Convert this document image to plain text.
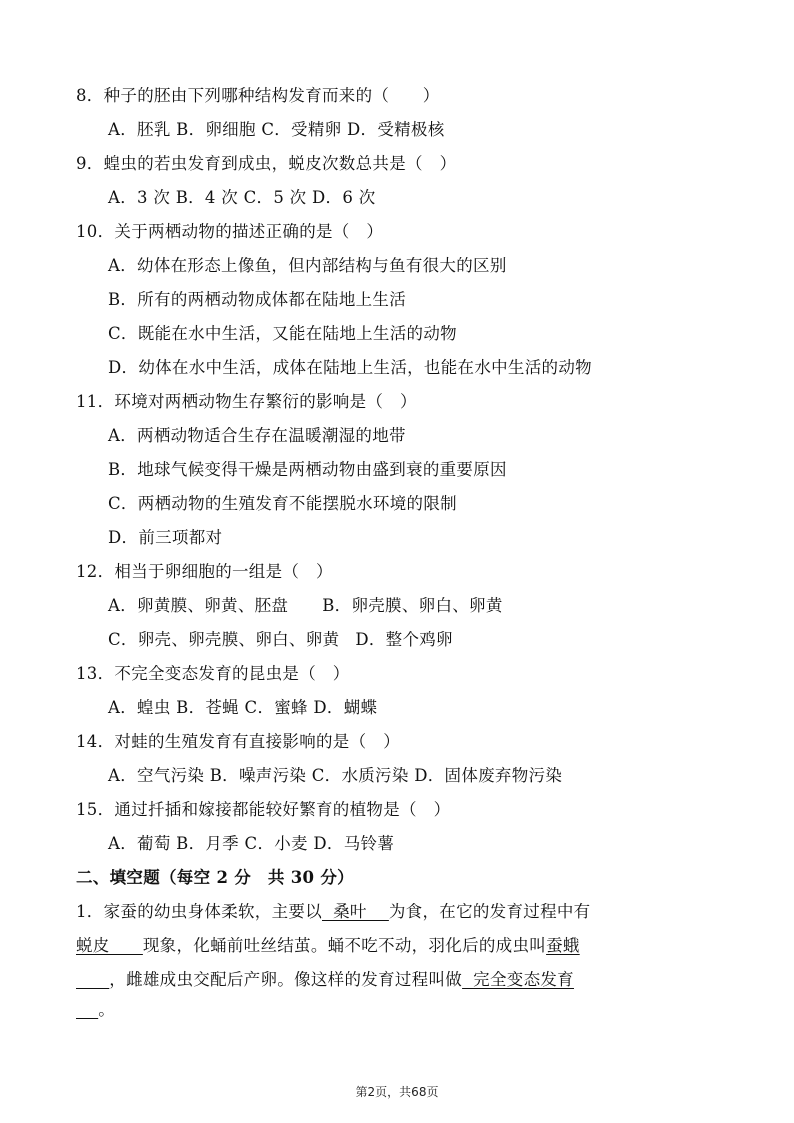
8．种子的胚由下列哪种结构发育而来的（　　）
A．胚乳 B．卵细胞 C．受精卵 D．受精极核
9．蝗虫的若虫发育到成虫，蜕皮次数总共是（　）
A．3 次 B．4 次 C．5 次 D．6 次
10．关于两栖动物的描述正确的是（　）
A．幼体在形态上像鱼，但内部结构与鱼有很大的区别
B．所有的两栖动物成体都在陆地上生活
C．既能在水中生活，又能在陆地上生活的动物
D．幼体在水中生活，成体在陆地上生活，也能在水中生活的动物
11．环境对两栖动物生存繁衍的影响是（　）
A．两栖动物适合生存在温暖潮湿的地带
B．地球气候变得干燥是两栖动物由盛到衰的重要原因
C．两栖动物的生殖发育不能摆脱水环境的限制
D．前三项都对
12．相当于卵细胞的一组是（　）
A．卵黄膜、卵黄、胚盘 B．卵壳膜、卵白、卵黄
C．卵壳、卵壳膜、卵白、卵黄 D．整个鸡卵
13．不完全变态发育的昆虫是（　）
A．蝗虫 B．苍蝇 C．蜜蜂 D．蝴蝶
14．对蛙的生殖发育有直接影响的是（　）
A．空气污染 B．噪声污染 C．水质污染 D．固体废弃物污染
15．通过扦插和嫁接都能较好繁育的植物是（　）
A．葡萄 B．月季 C．小麦 D．马铃薯
二、填空题（每空 2 分　共 30 分）
1．家蚕的幼虫身体柔软，主要以  桑叶    为食，在它的发育过程中有
蜕皮      现象，化蛹前吐丝结茧。蛹不吃不动，羽化后的成虫叫蚕蛾
，雌雄成虫交配后产卵。像这样的发育过程叫做  完全变态发育
。
第2页，共68页
